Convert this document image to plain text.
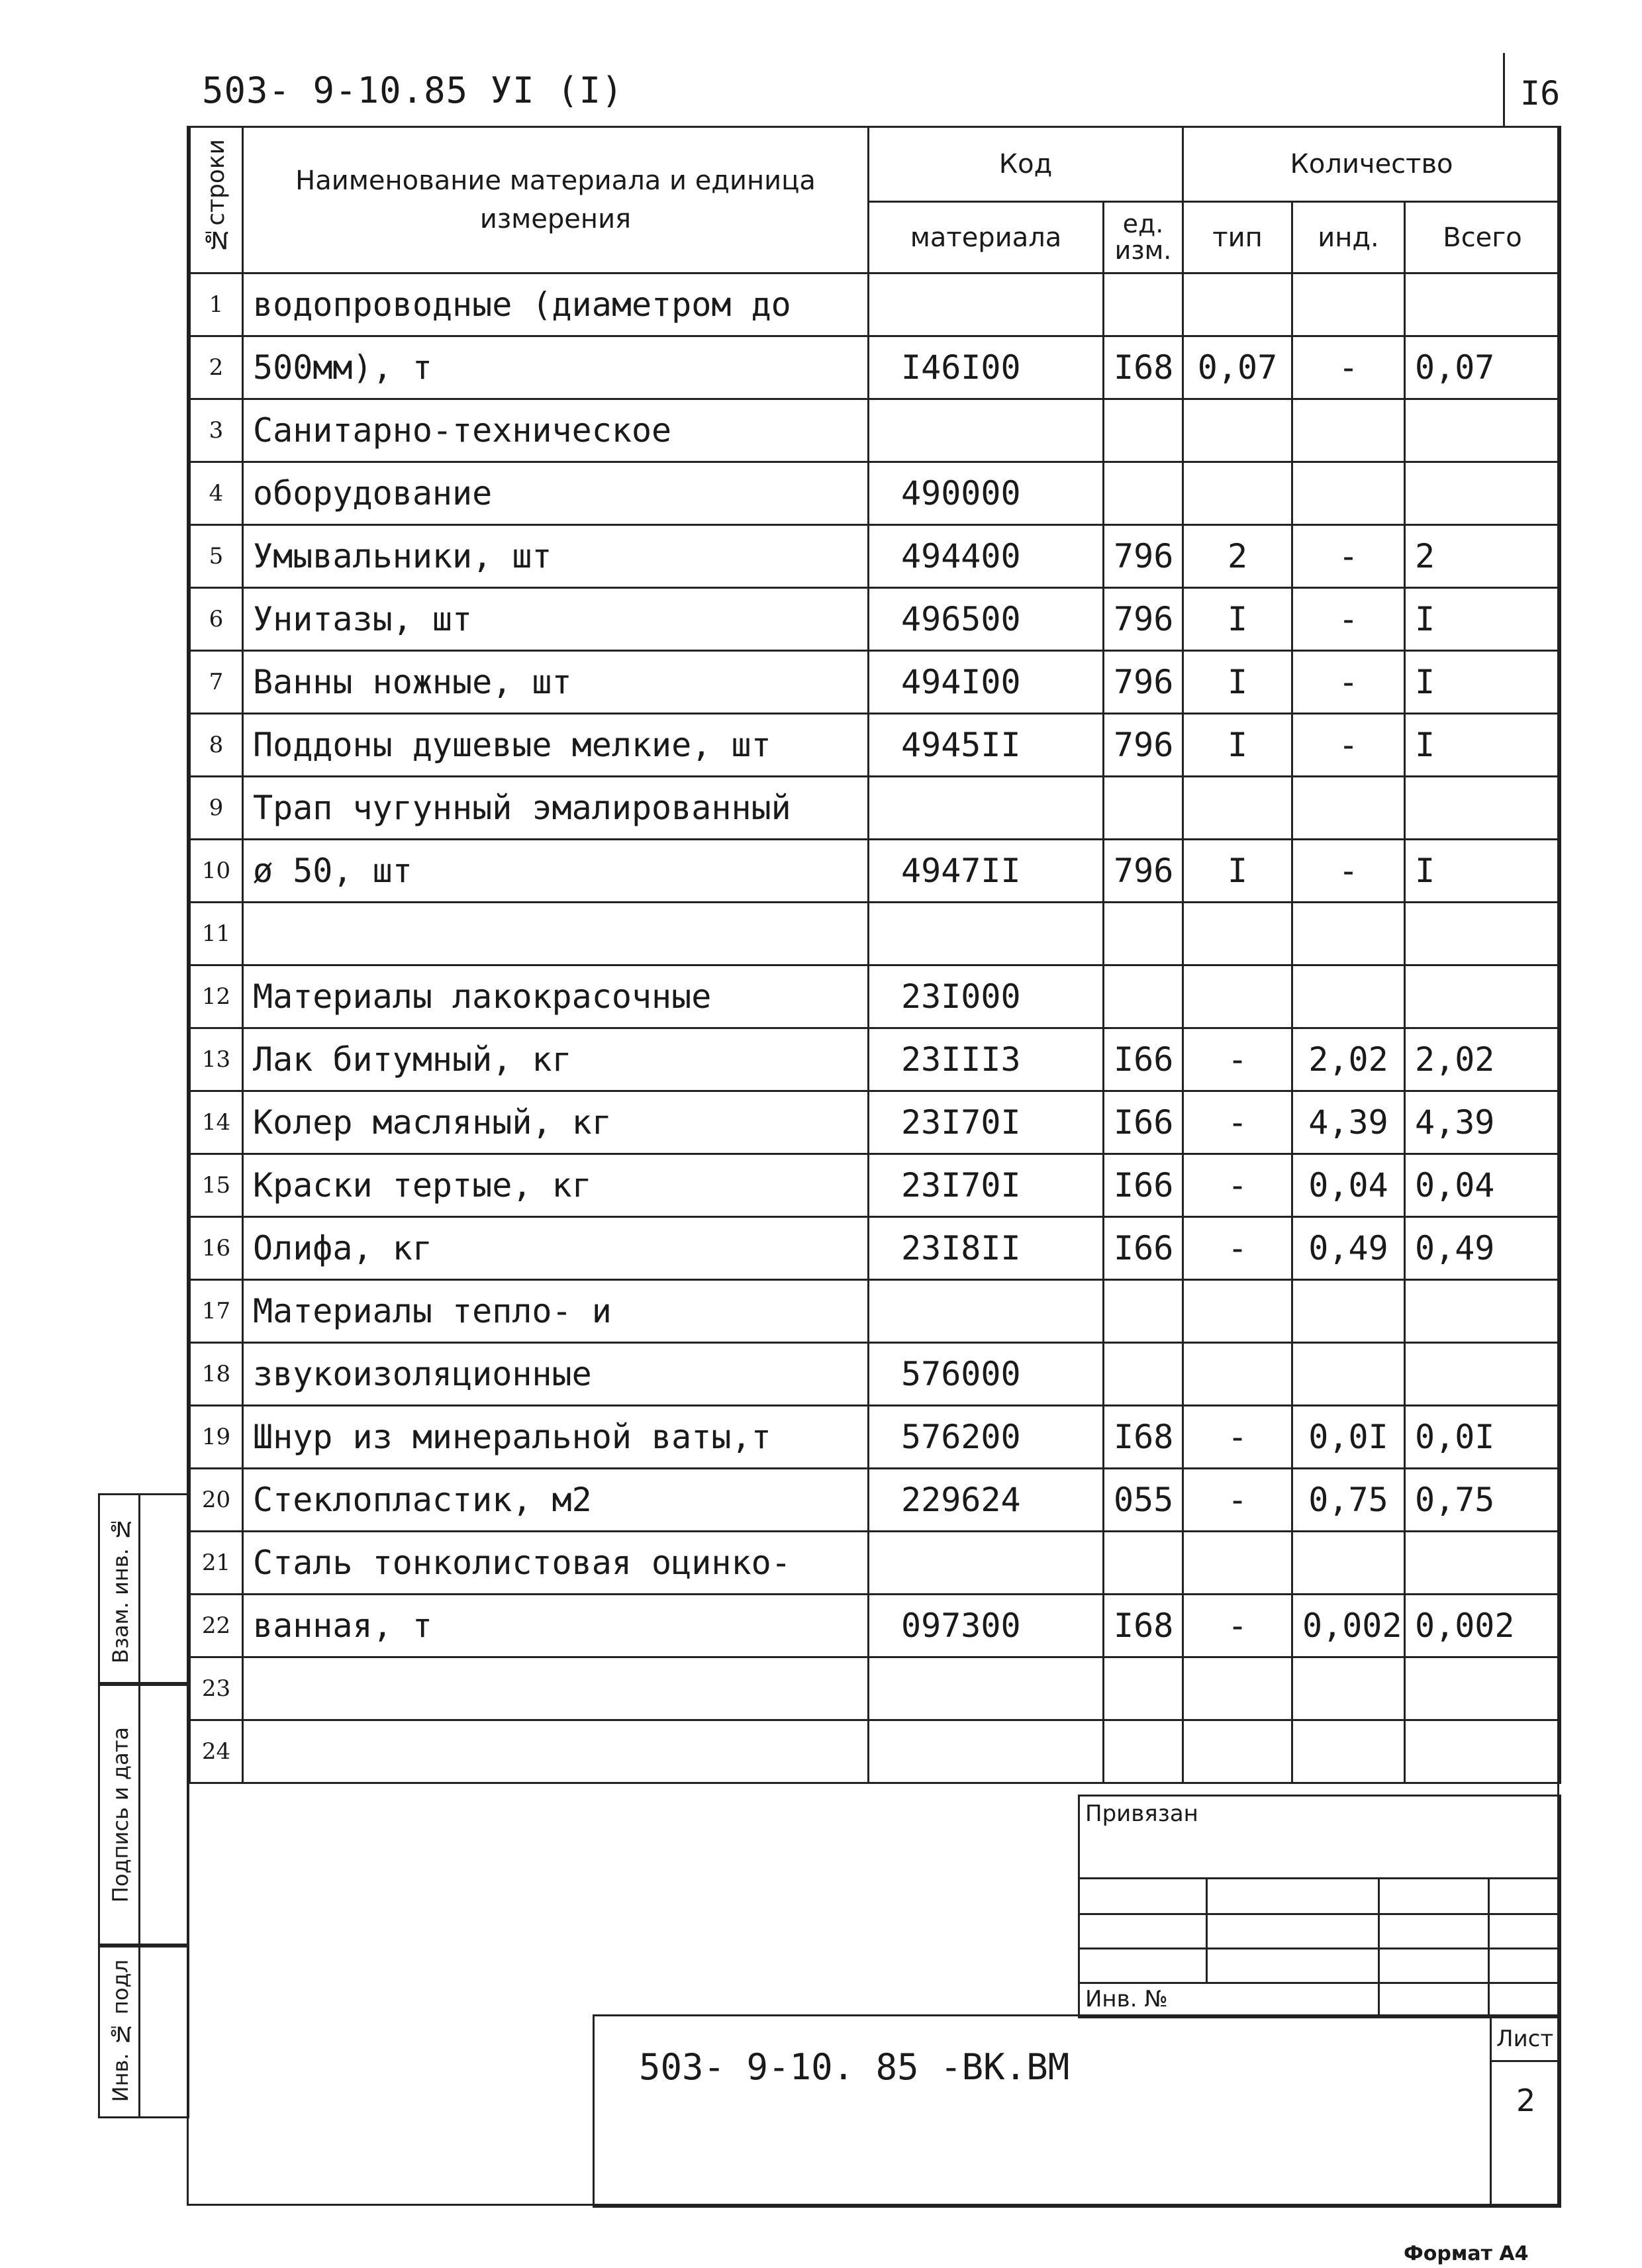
503- 9-10.85 УI (I)	I6
№строки	Наименование материала и единица измерения	Код		Количество		
		материала	ед. изм.	тип	инд.	Всего
1	водопроводные (диаметром до					
2	500мм), т	I46I00	I68	0,07	-	0,07
3	Санитарно-техническое					
4	оборудование	490000				
5	Умывальники, шт	494400	796	2	-	2
6	Унитазы, шт	496500	796	I	-	I
7	Ванны ножные, шт	494I00	796	I	-	I
8	Поддоны душевые мелкие, шт	4945II	796	I	-	I
9	Трап чугунный эмалированный					
10	ø 50, шт	4947II	796	I	-	I
11						
12	Материалы лакокрасочные	23I000				
13	Лак битумный, кг	23III3	I66	-	2,02	2,02
14	Колер масляный, кг	23I70I	I66	-	4,39	4,39
15	Краски тертые, кг	23I70I	I66	-	0,04	0,04
16	Олифа, кг	23I8II	I66	-	0,49	0,49
17	Материалы тепло- и					
18	звукоизоляционные	576000				
19	Шнур из минеральной ваты,т	576200	I68	-	0,0I	0,0I
20	Стеклопластик, м2	229624	055	-	0,75	0,75
21	Сталь тонколистовая оцинко-					
22	ванная, т	097300	I68	-	0,002	0,002
23						
24						
Взам. инв. №
Подпись и дата
Инв. № подл
Привязан
Инв. №
Лист
2
503- 9-10. 85 -ВК.ВМ
Формат А4
